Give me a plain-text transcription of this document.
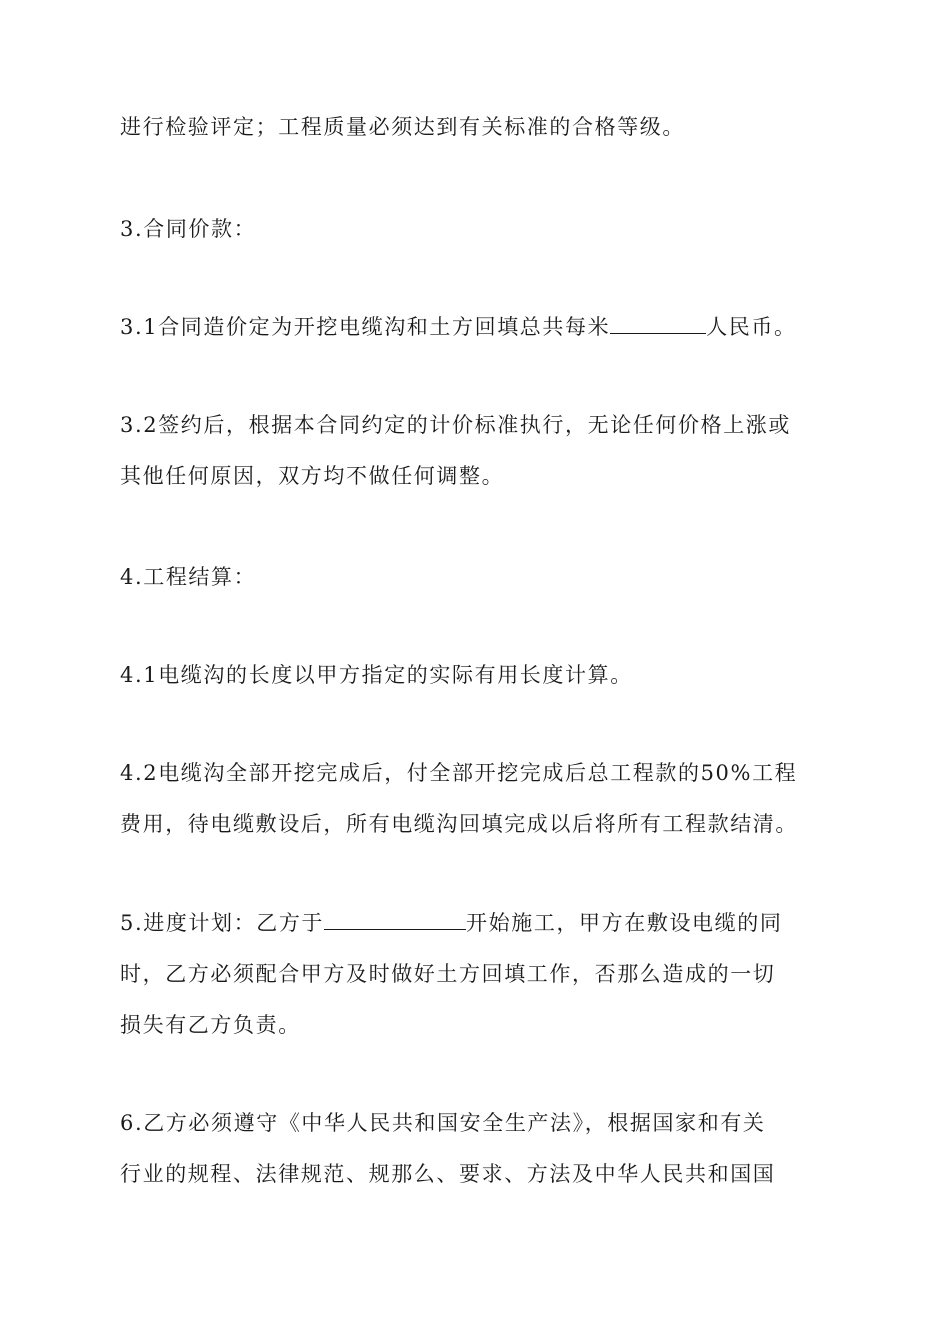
进行检验评定；工程质量必须达到有关标准的合格等级。

3.合同价款：

3.1合同造价定为开挖电缆沟和土方回填总共每米	人民币。

3.2签约后，根据本合同约定的计价标准执行，无论任何价格上涨或

其他任何原因，双方均不做任何调整。

4.工程结算：

4.1电缆沟的长度以甲方指定的实际有用长度计算。

4.2电缆沟全部开挖完成后，付全部开挖完成后总工程款的50%工程

费用，待电缆敷设后，所有电缆沟回填完成以后将所有工程款结清。

5.进度计划：乙方于	开始施工，甲方在敷设电缆的同

时，乙方必须配合甲方及时做好土方回填工作，否那么造成的一切

损失有乙方负责。

6.乙方必须遵守《中华人民共和国安全生产法》，根据国家和有关

行业的规程、法律规范、规那么、要求、方法及中华人民共和国国
